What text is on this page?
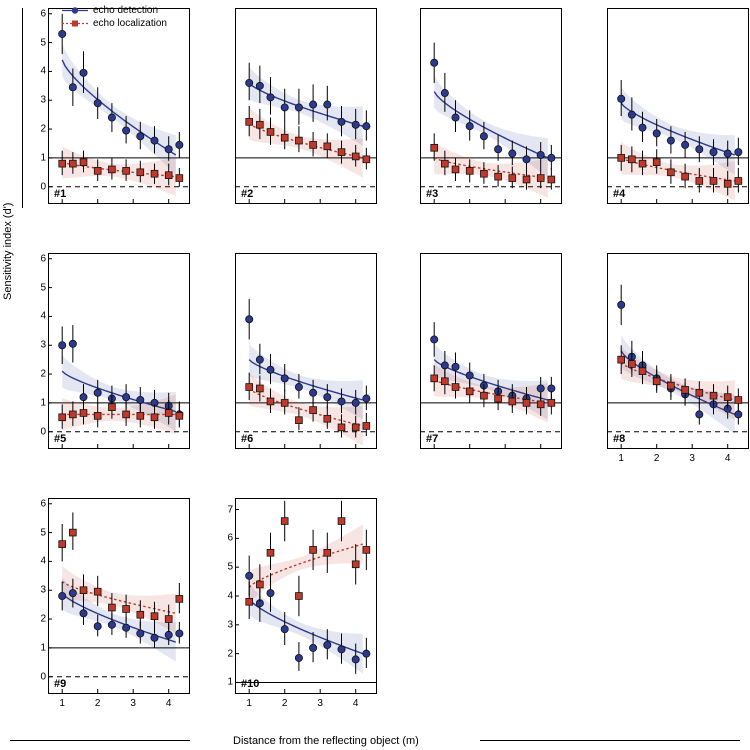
0
1
2
3
4
5
6
#1	#2	#3	#4
0
1
2
3
4
5
6
#5	#6	#7
1	2	3	4
#8
0
1
2
3
4
5
6
1	2	3	4
#9	1
2
3
4
5
6
7
1	2	3	4
#10
echo detection
echo localization
Sensitivity index (d')
Distance from the reflecting object (m)
